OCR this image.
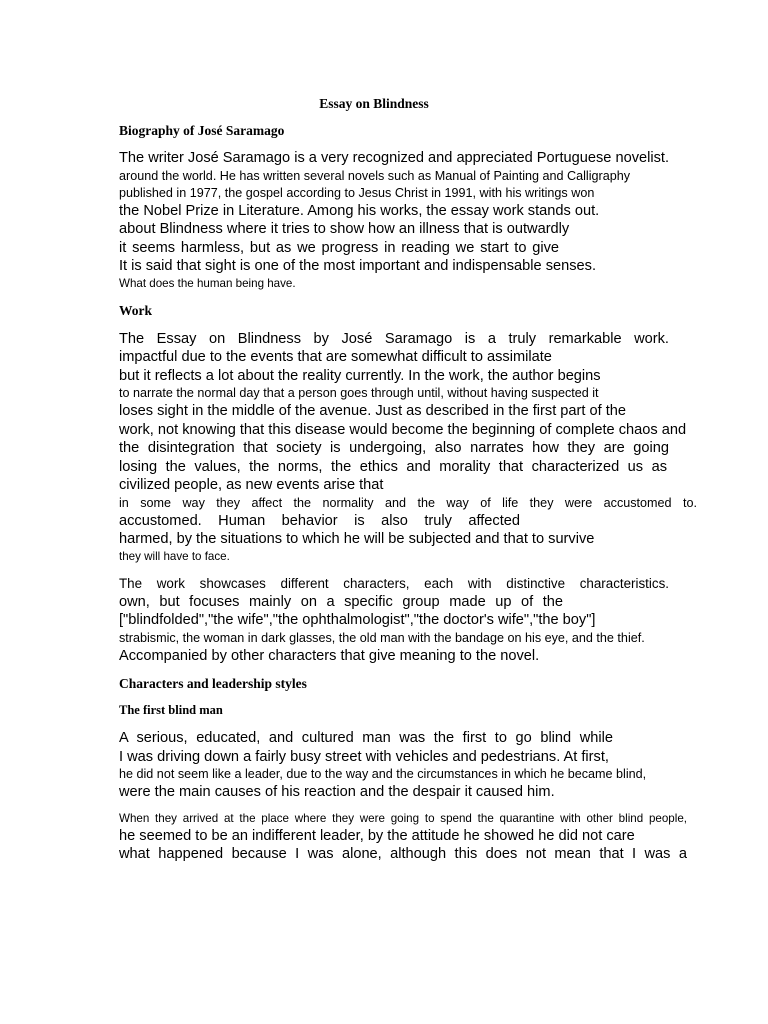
Essay on Blindness
Biography of José Saramago

The writer José Saramago is a very recognized and appreciated Portuguese novelist.

around the world. He has written several novels such as Manual of Painting and Calligraphy

published in 1977, the gospel according to Jesus Christ in 1991, with his writings won

the Nobel Prize in Literature. Among his works, the essay work stands out.

about Blindness where it tries to show how an illness that is outwardly

it seems harmless, but as we progress in reading we start to give

It is said that sight is one of the most important and indispensable senses.

What does the human being have.

Work

The Essay on Blindness by José Saramago is a truly remarkable work.

impactful due to the events that are somewhat difficult to assimilate

but it reflects a lot about the reality currently. In the work, the author begins

to narrate the normal day that a person goes through until, without having suspected it

loses sight in the middle of the avenue. Just as described in the first part of the

work, not knowing that this disease would become the beginning of complete chaos and

the disintegration that society is undergoing, also narrates how they are going

losing the values, the norms, the ethics and morality that characterized us as

civilized people, as new events arise that

in some way they affect the normality and the way of life they were accustomed to.

accustomed. Human behavior is also truly affected

harmed, by the situations to which he will be subjected and that to survive

they will have to face.

The work showcases different characters, each with distinctive characteristics.

own, but focuses mainly on a specific group made up of the

["blindfolded","the wife","the ophthalmologist","the doctor's wife","the boy"]

strabismic, the woman in dark glasses, the old man with the bandage on his eye, and the thief.

Accompanied by other characters that give meaning to the novel.

Characters and leadership styles
The first blind man

A serious, educated, and cultured man was the first to go blind while

I was driving down a fairly busy street with vehicles and pedestrians. At first,

he did not seem like a leader, due to the way and the circumstances in which he became blind,

were the main causes of his reaction and the despair it caused him.

When they arrived at the place where they were going to spend the quarantine with other blind people,

he seemed to be an indifferent leader, by the attitude he showed he did not care

what happened because I was alone, although this does not mean that I was a
